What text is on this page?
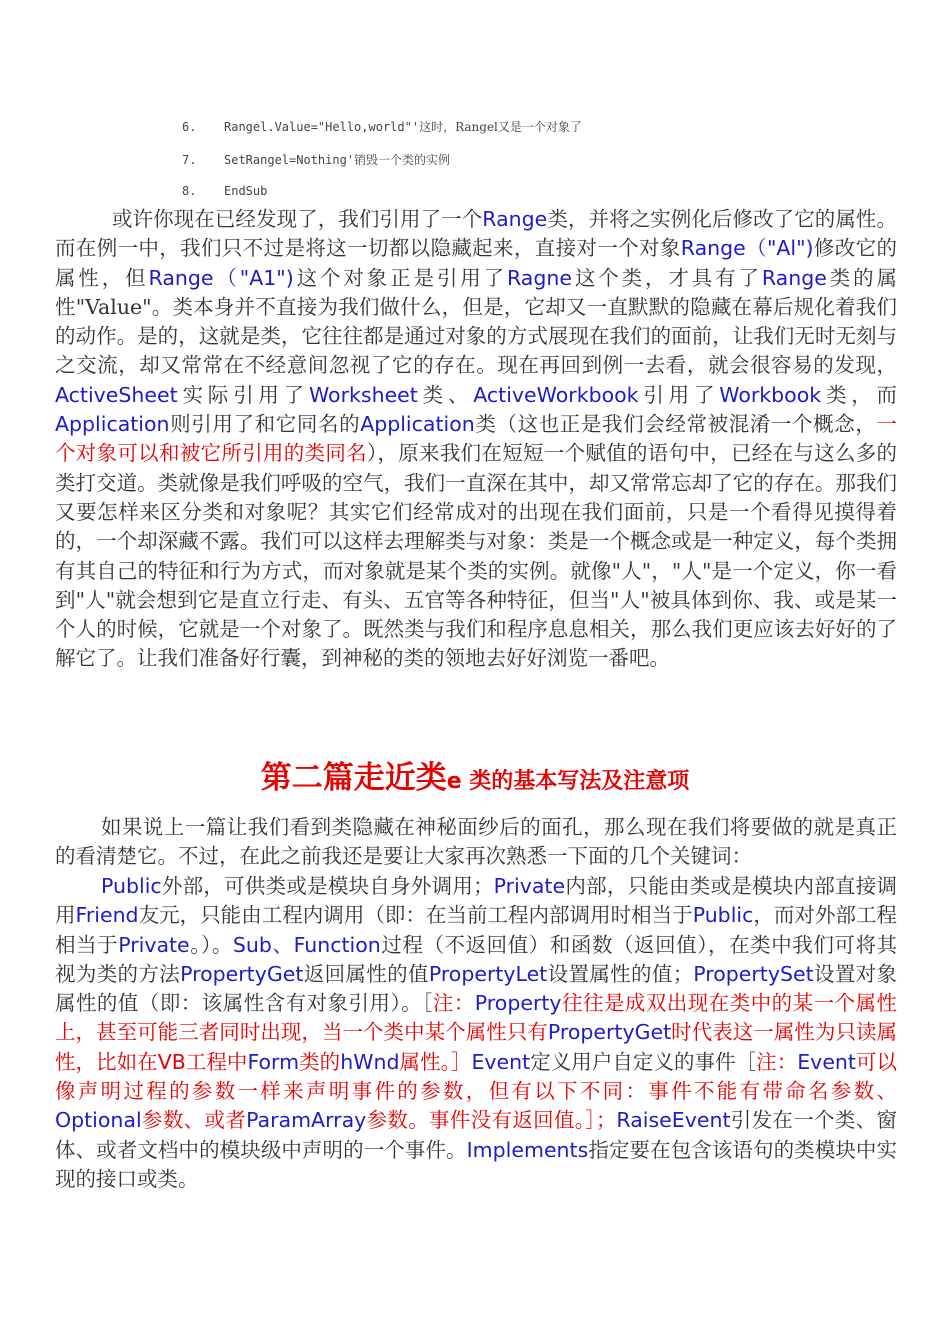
6. Rangel.Value="Hello,world"'这时，Rangel又是一个对象了
7. SetRangel=Nothing'销毁一个类的实例
8. EndSub
或许你现在已经发现了，我们引用了一个Range类，并将之实例化后修改了它的属性。而在例一中，我们只不过是将这一切都以隐藏起来，直接对一个对象Range（"Al")修改它的属性，但Range（"A1")这个对象正是引用了Ragne这个类，才具有了Range类的属性"Value"。类本身并不直接为我们做什么，但是，它却又一直默默的隐藏在幕后规化着我们的动作。是的，这就是类，它往往都是通过对象的方式展现在我们的面前，让我们无时无刻与之交流，却又常常在不经意间忽视了它的存在。现在再回到例一去看，就会很容易的发现，ActiveSheet实际引用了Worksheet类、ActiveWorkbook引用了Workbook类，而Application则引用了和它同名的Application类（这也正是我们会经常被混淆一个概念，一个对象可以和被它所引用的类同名），原来我们在短短一个赋值的语句中，已经在与这么多的类打交道。类就像是我们呼吸的空气，我们一直深在其中，却又常常忘却了它的存在。那我们又要怎样来区分类和对象呢？其实它们经常成对的出现在我们面前，只是一个看得见摸得着的，一个却深藏不露。我们可以这样去理解类与对象：类是一个概念或是一种定义，每个类拥有其自己的特征和行为方式，而对象就是某个类的实例。就像"人"，"人"是一个定义，你一看到"人"就会想到它是直立行走、有头、五官等各种特征，但当"人"被具体到你、我、或是某一个人的时候，它就是一个对象了。既然类与我们和程序息息相关，那么我们更应该去好好的了解它了。让我们准备好行囊，到神秘的类的领地去好好浏览一番吧。
第二篇走近类e 类的基本写法及注意项
如果说上一篇让我们看到类隐藏在神秘面纱后的面孔，那么现在我们将要做的就是真正的看清楚它。不过，在此之前我还是要让大家再次熟悉一下面的几个关键词：
Public外部，可供类或是模块自身外调用；Private内部，只能由类或是模块内部直接调用Friend友元，只能由工程内调用（即：在当前工程内部调用时相当于Public，而对外部工程相当于Private。）。Sub、Function过程（不返回值）和函数（返回值），在类中我们可将其视为类的方法PropertyGet返回属性的值PropertyLet设置属性的值；PropertySet设置对象属性的值（即：该属性含有对象引用）。［注：Property往往是成双出现在类中的某一个属性上，甚至可能三者同时出现，当一个类中某个属性只有PropertyGet时代表这一属性为只读属性，比如在VB工程中Form类的hWnd属性。］Event定义用户自定义的事件［注：Event可以像声明过程的参数一样来声明事件的参数，但有以下不同：事件不能有带命名参数、Optional参数、或者ParamArray参数。事件没有返回值。］；RaiseEvent引发在一个类、窗体、或者文档中的模块级中声明的一个事件。Implements指定要在包含该语句的类模块中实现的接口或类。
